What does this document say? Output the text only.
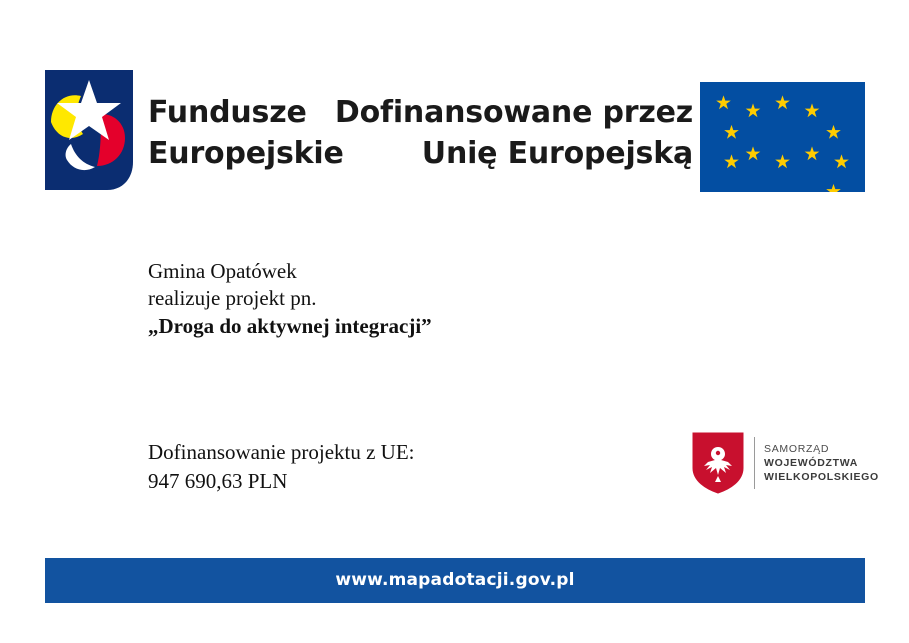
Fundusze
Europejskie
Dofinansowane przez
Unię Europejską
Gmina Opatówek
realizuje projekt pn.
„Droga do aktywnej integracji”
Dofinansowanie projektu z UE:
947 690,63 PLN
SAMORZĄD
WOJEWÓDZTWA
WIELKOPOLSKIEGO
www.mapadotacji.gov.pl
